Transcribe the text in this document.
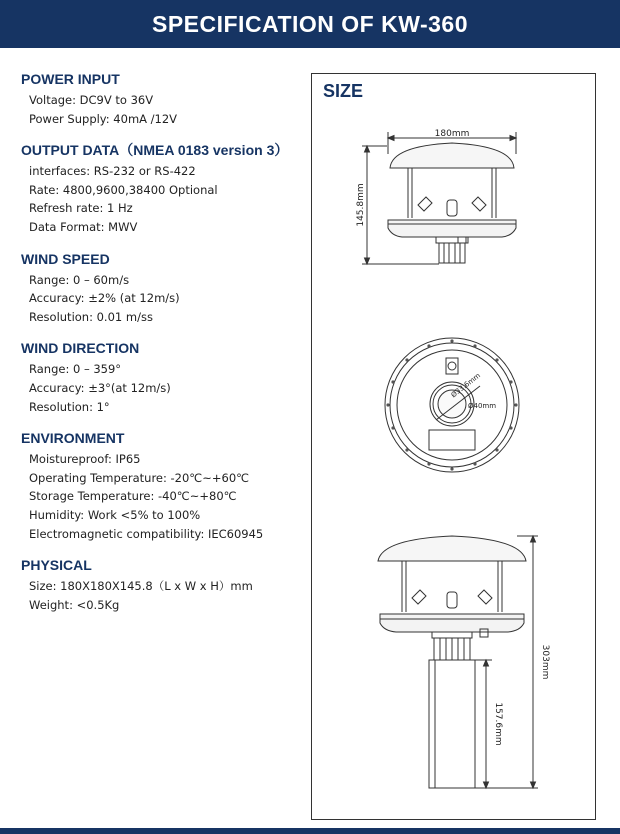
SPECIFICATION OF KW-360
POWER INPUT
Voltage: DC9V to 36V
Power Supply: 40mA /12V
OUTPUT DATA（NMEA 0183 version 3）
interfaces: RS-232 or RS-422
Rate: 4800,9600,38400 Optional
Refresh rate: 1 Hz
Data Format: MWV
WIND SPEED
Range: 0 – 60m/s
Accuracy: ±2% (at 12m/s)
Resolution: 0.01 m/ss
WIND DIRECTION
Range: 0 – 359°
Accuracy: ±3°(at 12m/s)
Resolution: 1°
ENVIRONMENT
Moistureproof: IP65
Operating Temperature: -20℃~+60℃
Storage Temperature: -40℃~+80℃
Humidity: Work <5% to 100%
Electromagnetic compatibility: IEC60945
PHYSICAL
Size: 180X180X145.8（L x W x H）mm
Weight: <0.5Kg
SIZE
180mm
145.8mm
Ø33.6mm
Ø40mm
303mm
157.6mm
